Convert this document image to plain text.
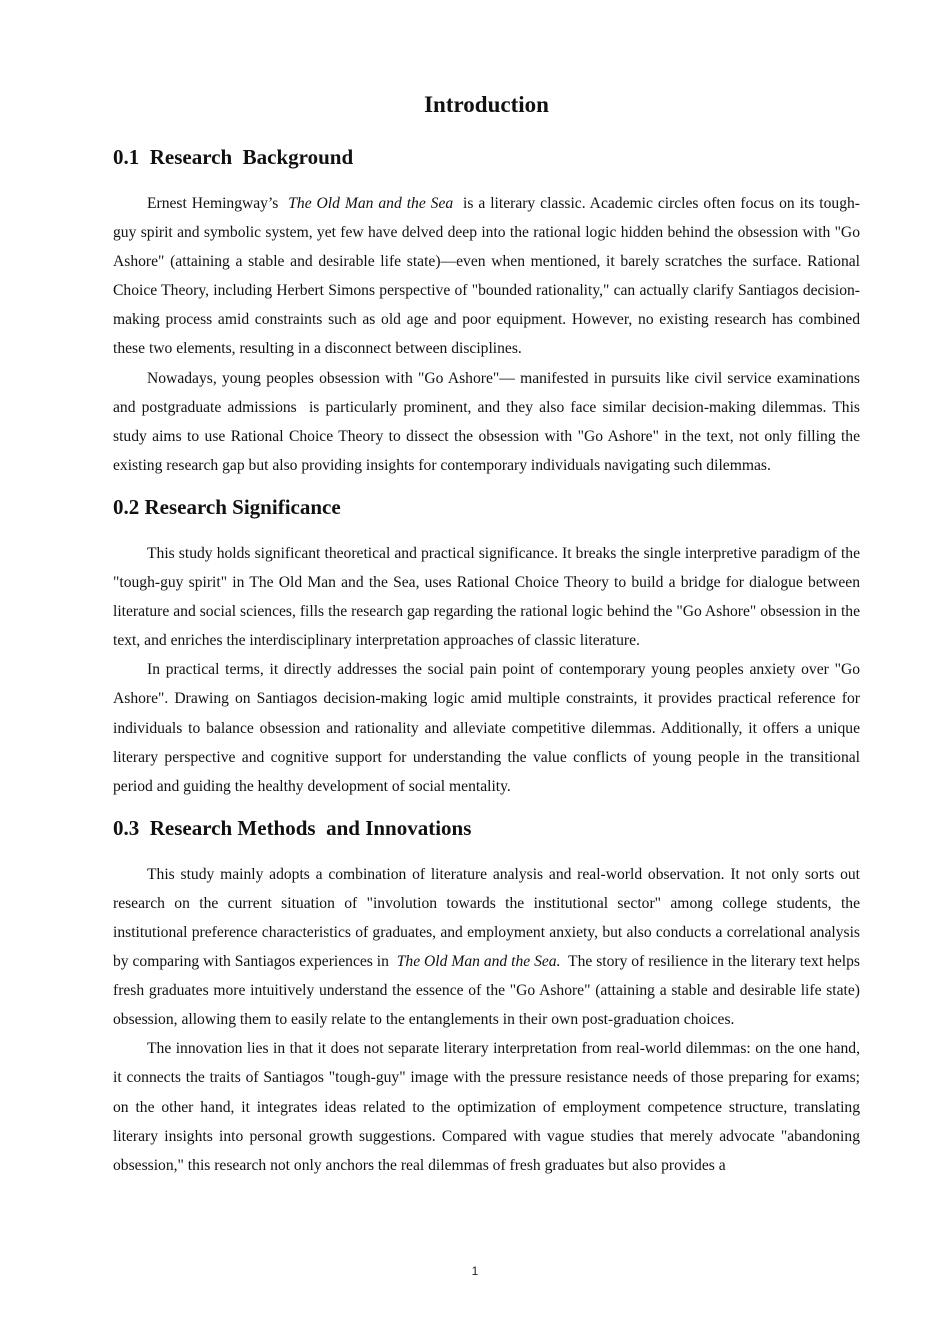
Introduction
0.1  Research  Background

Ernest Hemingway’s  The Old Man and the Sea  is a literary classic. Academic circles often focus on its tough-guy spirit and symbolic system, yet few have delved deep into the rational logic hidden behind the obsession with "Go Ashore" (attaining a stable and desirable life state)—even when mentioned, it barely scratches the surface. Rational Choice Theory, including Herbert Simons perspective of "bounded rationality," can actually clarify Santiagos decision-making process amid constraints such as old age and poor equipment. However, no existing research has combined these two elements, resulting in a disconnect between disciplines.

Nowadays, young peoples obsession with "Go Ashore"— manifested in pursuits like civil service examinations and postgraduate admissions  is particularly prominent, and they also face similar decision-making dilemmas. This study aims to use Rational Choice Theory to dissect the obsession with "Go Ashore" in the text, not only filling the existing research gap but also providing insights for contemporary individuals navigating such dilemmas.

0.2 Research Significance

This study holds significant theoretical and practical significance. It breaks the single interpretive paradigm of the "tough-guy spirit" in The Old Man and the Sea, uses Rational Choice Theory to build a bridge for dialogue between literature and social sciences, fills the research gap regarding the rational logic behind the "Go Ashore" obsession in the text, and enriches the interdisciplinary interpretation approaches of classic literature.

In practical terms, it directly addresses the social pain point of contemporary young peoples anxiety over "Go Ashore". Drawing on Santiagos decision-making logic amid multiple constraints, it provides practical reference for individuals to balance obsession and rationality and alleviate competitive dilemmas. Additionally, it offers a unique literary perspective and cognitive support for understanding the value conflicts of young people in the transitional period and guiding the healthy development of social mentality.

0.3  Research Methods  and Innovations

This study mainly adopts a combination of literature analysis and real-world observation. It not only sorts out research on the current situation of "involution towards the institutional sector" among college students, the institutional preference characteristics of graduates, and employment anxiety, but also conducts a correlational analysis by comparing with Santiagos experiences in  The Old Man and the Sea.  The story of resilience in the literary text helps fresh graduates more intuitively understand the essence of the "Go Ashore" (attaining a stable and desirable life state) obsession, allowing them to easily relate to the entanglements in their own post-graduation choices.

The innovation lies in that it does not separate literary interpretation from real-world dilemmas: on the one hand, it connects the traits of Santiagos "tough-guy" image with the pressure resistance needs of those preparing for exams; on the other hand, it integrates ideas related to the optimization of employment competence structure, translating literary insights into personal growth suggestions. Compared with vague studies that merely advocate "abandoning obsession," this research not only anchors the real dilemmas of fresh graduates but also provides a

1
